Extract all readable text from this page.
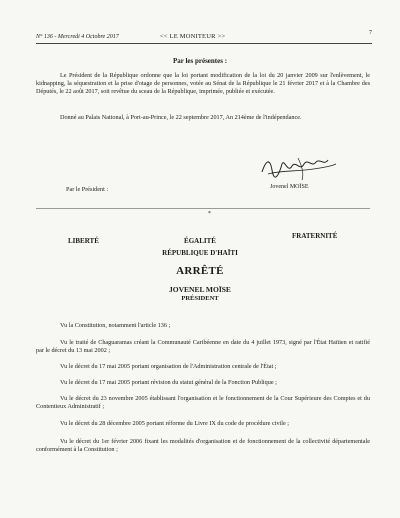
N° 136 - Mercredi 4 Octobre 2017	<< LE MONITEUR >>	7
Par les présentes :

Le Président de la République ordonne que la loi portant modification de la loi du 20 janvier 2009 sur l'enlèvement, le kidnapping, la séquestration et la prise d'otage de personnes, votée au Sénat de la République le 21 février 2017 et à la Chambre des Députés, le 22 août 2017, soit revêtue du sceau de la République, imprimée, publiée et exécutée.

Donné au Palais National, à Port-au-Prince, le 22 septembre 2017, An 214ème de l'indépendance.

Jovenel MOÏSE
Par le Président :
*
LIBERTÉ	ÉGALITÉ
FRATERNITÉ
RÉPUBLIQUE D'HAÏTI
ARRÊTÉ
JOVENEL MOÏSE
PRÉSIDENT

Vu la Constitution, notamment l'article 136 ;

Vu le traité de Chaguaramas créant la Communauté Caribéenne en date du 4 juillet 1973, signé par l'État Haïtien et ratifié par le décret du 13 mai 2002 ;

Vu le décret du 17 mai 2005 portant organisation de l'Administration centrale de l'État ;

Vu le décret du 17 mai 2005 portant révision du statut général de la Fonction Publique ;

Vu le décret du 23 novembre 2005 établissant l'organisation et le fonctionnement de la Cour Supérieure des Comptes et du Contentieux Administratif ;

Vu le décret du 28 décembre 2005 portant réforme du Livre IX du code de procédure civile ;

Vu le décret du 1er février 2006 fixant les modalités d'organisation et de fonctionnement de la collectivité départementale conformément à la Constitution ;
